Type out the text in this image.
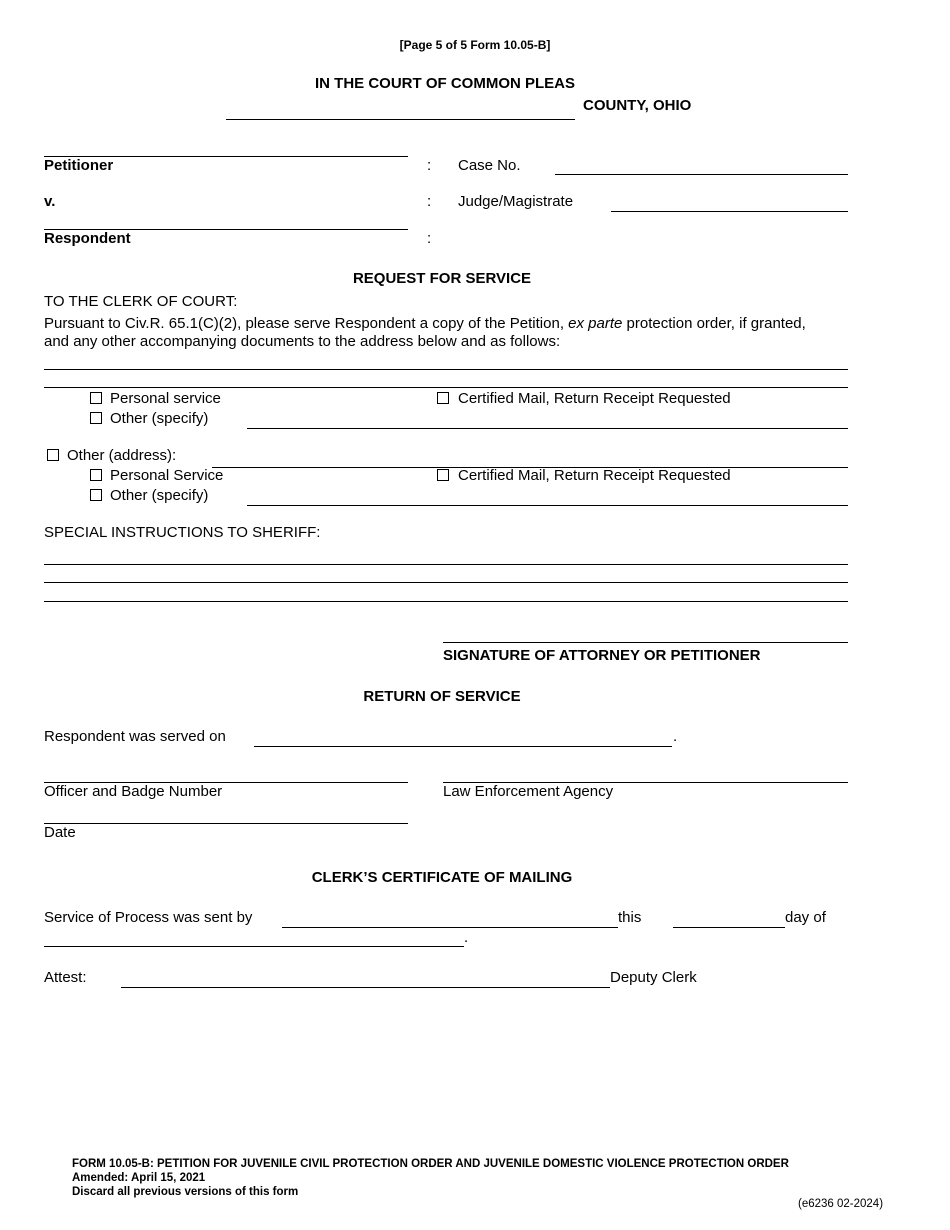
[Page 5 of 5 Form 10.05-B]
IN THE COURT OF COMMON PLEAS
COUNTY, OHIO
Petitioner	: Case No.
v.	: Judge/Magistrate
Respondent	:
REQUEST FOR SERVICE
TO THE CLERK OF COURT:
Pursuant to Civ.R. 65.1(C)(2), please serve Respondent a copy of the Petition, ex parte protection order, if granted,
and any other accompanying documents to the address below and as follows:
Personal service	Certified Mail, Return Receipt Requested
Other (specify)
Other (address):
Personal Service	Certified Mail, Return Receipt Requested
Other (specify)
SPECIAL INSTRUCTIONS TO SHERIFF:
SIGNATURE OF ATTORNEY OR PETITIONER
RETURN OF SERVICE
Respondent was served on	.
Officer and Badge Number	Law Enforcement Agency
Date
CLERK’S CERTIFICATE OF MAILING
Service of Process was sent by	this	day of
.
Attest:	Deputy Clerk
FORM 10.05-B: PETITION FOR JUVENILE CIVIL PROTECTION ORDER AND JUVENILE DOMESTIC VIOLENCE PROTECTION ORDER
Amended: April 15, 2021
Discard all previous versions of this form
(e6236 02-2024)
